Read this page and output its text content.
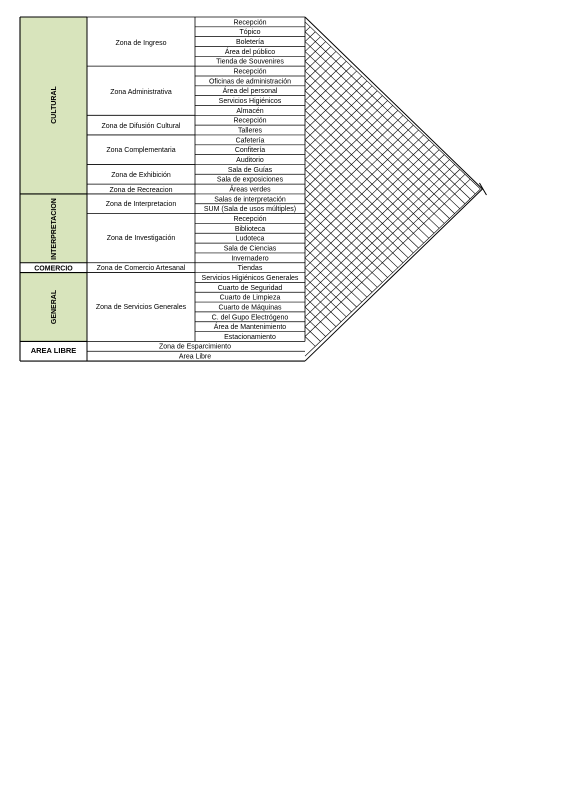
CULTURAL
INTERPRETACION
COMERCIO
GENERAL
AREA LIBRE
Zona de Ingreso
Zona Administrativa
Zona de Difusión Cultural
Zona Complementaria
Zona de Exhibición
Zona de Recreacion
Zona de Interpretacion
Zona de Investigación
Zona de Comercio Artesanal
Zona de Servicios Generales
Zona de Esparcimiento
Area Libre
Recepción
Tópico
Boletería
Área del público
Tienda de Souvenires
Recepción
Oficinas de administración
Área del personal
Servicios Higiénicos
Almacén
Recepción
Talleres
Cafetería
Confitería
Auditorio
Sala de Guías
Sala de exposiciones
Áreas verdes
Salas de interpretación
SUM (Sala de usos múltiples)
Recepción
Biblioteca
Ludoteca
Sala de Ciencias
Invernadero
Tiendas
Servicios Higiénicos Generales
Cuarto de Seguridad
Cuarto de Limpieza
Cuarto de Máquinas
C. del Gupo Electrógeno
Área de Mantenimiento
Estacionamiento
